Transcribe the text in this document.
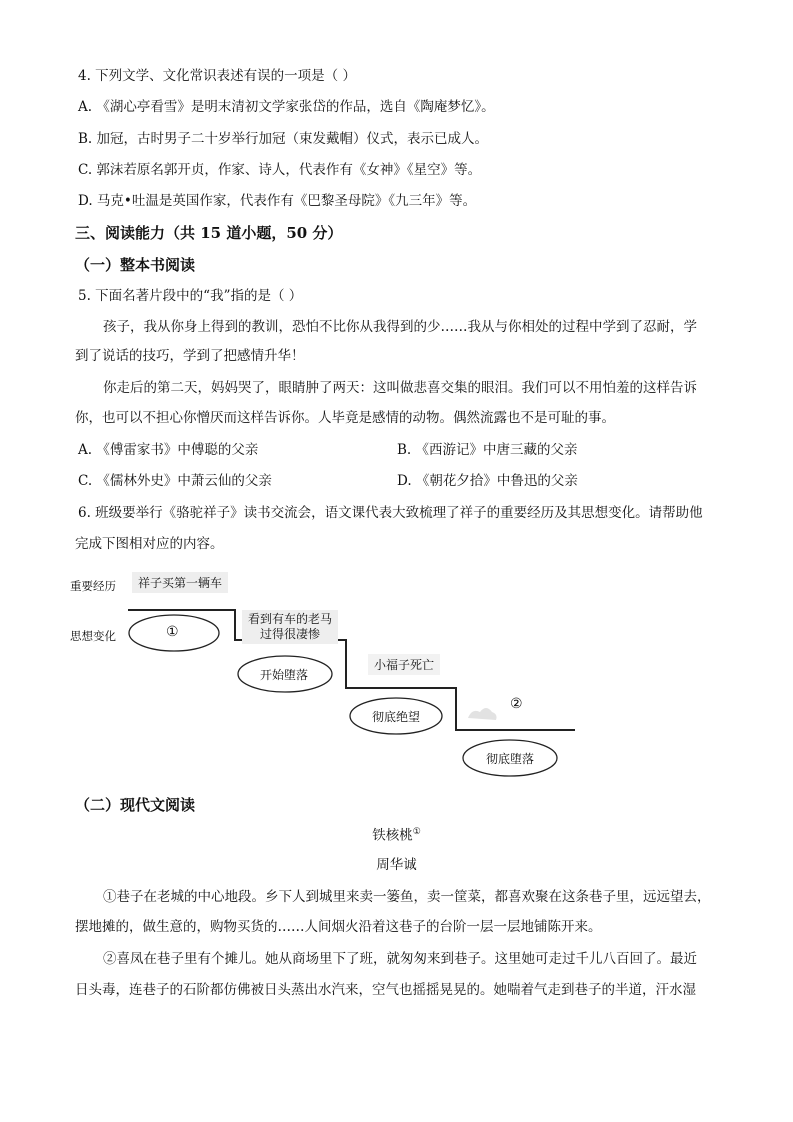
4. 下列文学、文化常识表述有误的一项是（ ）
A. 《湖心亭看雪》是明末清初文学家张岱的作品，选自《陶庵梦忆》。
B. 加冠，古时男子二十岁举行加冠（束发戴帽）仪式，表示已成人。
C. 郭沫若原名郭开贞，作家、诗人，代表作有《女神》《星空》等。
D. 马克•吐温是英国作家，代表作有《巴黎圣母院》《九三年》等。
三、阅读能力（共 15 道小题，50 分）
（一）整本书阅读
5. 下面名著片段中的“我”指的是（ ）
孩子，我从你身上得到的教训，恐怕不比你从我得到的少……我从与你相处的过程中学到了忍耐，学
到了说话的技巧，学到了把感情升华！
你走后的第二天，妈妈哭了，眼睛肿了两天：这叫做悲喜交集的眼泪。我们可以不用怕羞的这样告诉
你，也可以不担心你憎厌而这样告诉你。人毕竟是感情的动物。偶然流露也不是可耻的事。
A. 《傅雷家书》中傅聪的父亲	B. 《西游记》中唐三藏的父亲
C. 《儒林外史》中萧云仙的父亲	D. 《朝花夕拾》中鲁迅的父亲
6. 班级要举行《骆驼祥子》读书交流会，语文课代表大致梳理了祥子的重要经历及其思想变化。请帮助他
完成下图相对应的内容。
重要经历
思想变化
祥子买第一辆车
看到有车的老马
过得很凄惨
小福子死亡
②
①
开始堕落
彻底绝望
彻底堕落
（二）现代文阅读
铁核桃①
周华诚
①巷子在老城的中心地段。乡下人到城里来卖一篓鱼，卖一筐菜，都喜欢聚在这条巷子里，远远望去，
摆地摊的，做生意的，购物买货的……人间烟火沿着这巷子的台阶一层一层地铺陈开来。
②喜凤在巷子里有个摊儿。她从商场里下了班，就匆匆来到巷子。这里她可走过千儿八百回了。最近
日头毒，连巷子的石阶都仿佛被日头蒸出水汽来，空气也摇摇晃晃的。她喘着气走到巷子的半道，汗水湿
